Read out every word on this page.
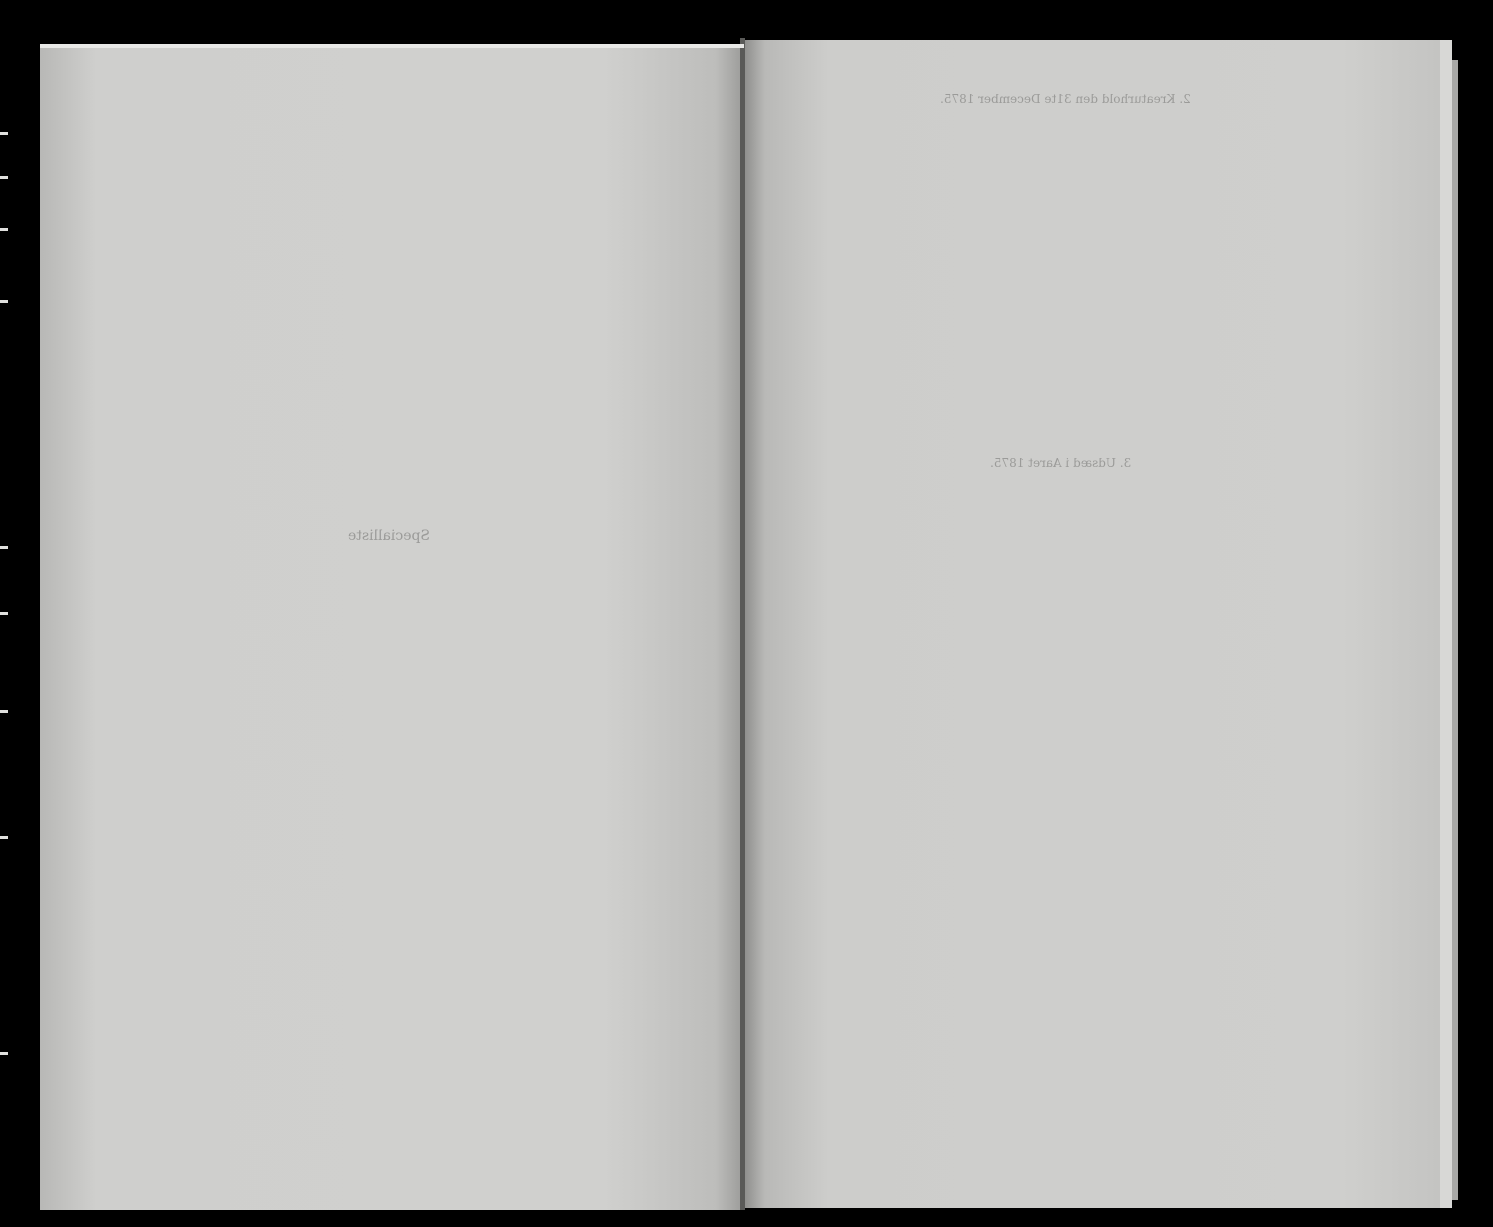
2. Kreaturhold den 31te December 1875.
3. Udsæd i Aaret 1875.
Specialliste
